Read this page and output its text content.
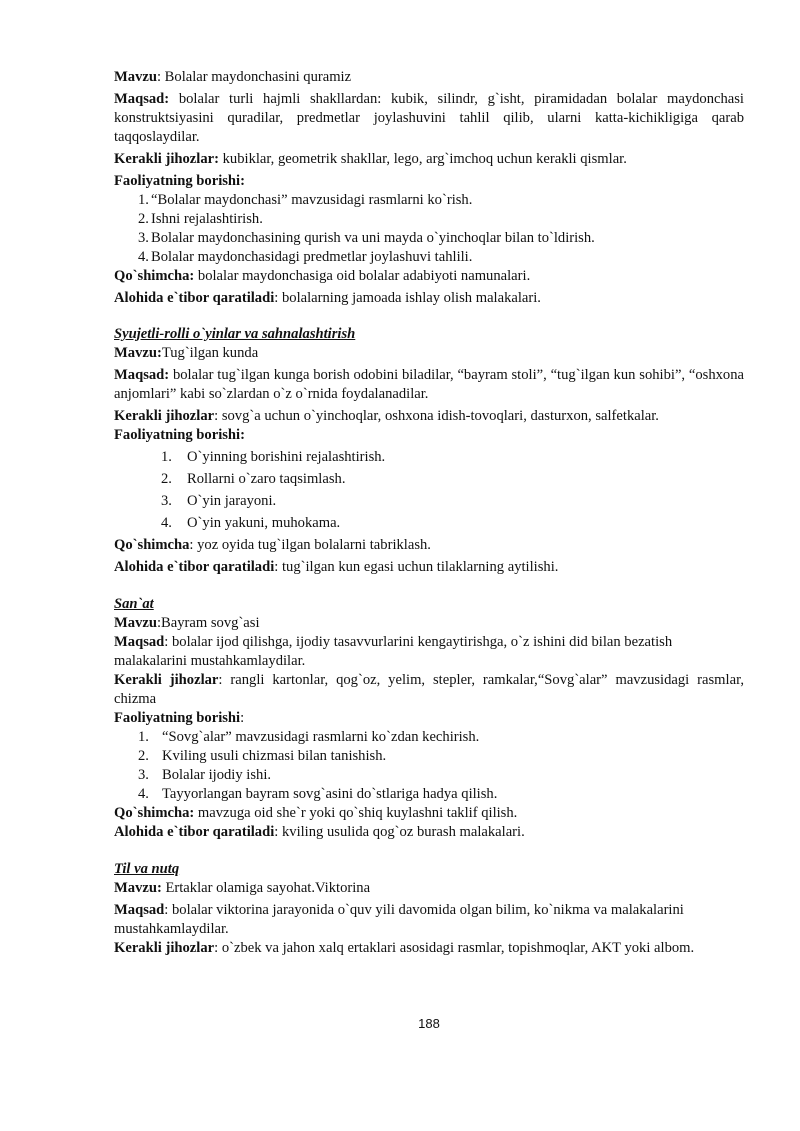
Mavzu: Bolalar maydonchasini quramiz

Maqsad: bolalar turli hajmli shakllardan: kubik, silindr, g`isht, piramidadan bolalar maydonchasi konstruktsiyasini quradilar, predmetlar joylashuvini tahlil qilib, ularni katta-kichikligiga qarab taqqoslaydilar.

Kerakli jihozlar: kubiklar, geometrik shakllar, lego, arg`imchoq uchun kerakli qismlar.

Faoliyatning borishi:

1. “Bolalar maydonchasi” mavzusidagi rasmlarni ko`rish.
2. Ishni rejalashtirish.
3. Bolalar maydonchasining qurish va uni mayda o`yinchoqlar bilan to`ldirish.
4. Bolalar maydonchasidagi predmetlar joylashuvi tahlili.

Qo`shimcha: bolalar maydonchasiga oid bolalar adabiyoti namunalari.

Alohida e`tibor qaratiladi: bolalarning jamoada ishlay olish malakalari.

Syujetli-rolli o`yinlar va sahnalashtirish

Mavzu:Tug`ilgan kunda

Maqsad: bolalar tug`ilgan kunga borish odobini biladilar, “bayram stoli”, “tug`ilgan kun sohibi”, “oshxona anjomlari” kabi so`zlardan o`z o`rnida foydalanadilar.

Kerakli jihozlar: sovg`a uchun o`yinchoqlar, oshxona idish-tovoqlari, dasturxon, salfetkalar.

Faoliyatning borishi:

1.	O`yinning borishini rejalashtirish.
2.	Rollarni o`zaro taqsimlash.
3.	O`yin jarayoni.
4.	O`yin yakuni, muhokama.

Qo`shimcha: yoz oyida tug`ilgan bolalarni tabriklash.

Alohida e`tibor qaratiladi: tug`ilgan kun egasi uchun tilaklarning aytilishi.

San`at

Mavzu:Bayram sovg`asi

Maqsad: bolalar ijod qilishga, ijodiy tasavvurlarini kengaytirishga, o`z ishini did bilan bezatish malakalarini mustahkamlaydilar.

Kerakli jihozlar: rangli kartonlar, qog`oz, yelim, stepler, ramkalar,“Sovg`alar” mavzusidagi rasmlar, chizma

Faoliyatning borishi:

1. “Sovg`alar” mavzusidagi rasmlarni ko`zdan kechirish.
2. Kviling usuli chizmasi bilan tanishish.
3. Bolalar ijodiy ishi.
4. Tayyorlangan bayram sovg`asini do`stlariga hadya qilish.

Qo`shimcha: mavzuga oid she`r yoki qo`shiq kuylashni taklif qilish.

Alohida e`tibor qaratiladi: kviling usulida qog`oz burash malakalari.

Til va nutq

Mavzu: Ertaklar olamiga sayohat.Viktorina

Maqsad: bolalar viktorina jarayonida o`quv yili davomida olgan bilim, ko`nikma va malakalarini mustahkamlaydilar.

Kerakli jihozlar: o`zbek va jahon xalq ertaklari asosidagi rasmlar, topishmoqlar, AKT yoki albom.

188
